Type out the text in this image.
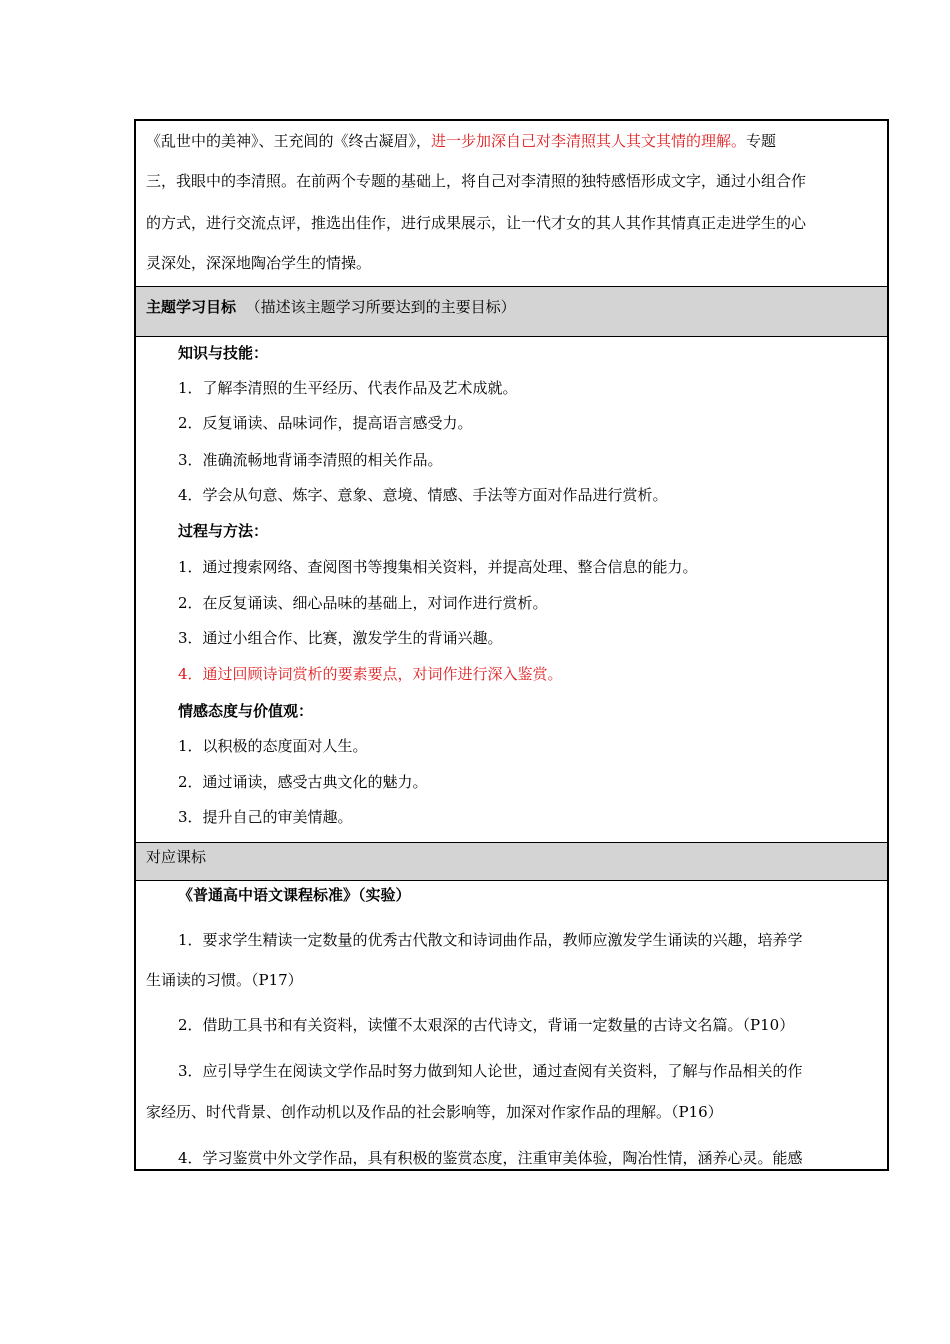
《乱世中的美神》、王充闾的《终古凝眉》，进一步加深自己对李清照其人其文其情的理解。专题
三，我眼中的李清照。在前两个专题的基础上，将自己对李清照的独特感悟形成文字，通过小组合作
的方式，进行交流点评，推选出佳作，进行成果展示，让一代才女的其人其作其情真正走进学生的心
灵深处，深深地陶冶学生的情操。
主题学习目标 （描述该主题学习所要达到的主要目标）
知识与技能：
1．了解李清照的生平经历、代表作品及艺术成就。
2．反复诵读、品味词作，提高语言感受力。
3．准确流畅地背诵李清照的相关作品。
4．学会从句意、炼字、意象、意境、情感、手法等方面对作品进行赏析。
过程与方法：
1．通过搜索网络、查阅图书等搜集相关资料，并提高处理、整合信息的能力。
2．在反复诵读、细心品味的基础上，对词作进行赏析。
3．通过小组合作、比赛，激发学生的背诵兴趣。
4．通过回顾诗词赏析的要素要点，对词作进行深入鉴赏。
情感态度与价值观：
1．以积极的态度面对人生。
2．通过诵读，感受古典文化的魅力。
3．提升自己的审美情趣。
对应课标
《普通高中语文课程标准》（实验）
1．要求学生精读一定数量的优秀古代散文和诗词曲作品，教师应激发学生诵读的兴趣，培养学
生诵读的习惯。（P17）
2．借助工具书和有关资料，读懂不太艰深的古代诗文，背诵一定数量的古诗文名篇。（P10）
3．应引导学生在阅读文学作品时努力做到知人论世，通过查阅有关资料，了解与作品相关的作
家经历、时代背景、创作动机以及作品的社会影响等，加深对作家作品的理解。（P16）
4．学习鉴赏中外文学作品，具有积极的鉴赏态度，注重审美体验，陶冶性情，涵养心灵。能感
